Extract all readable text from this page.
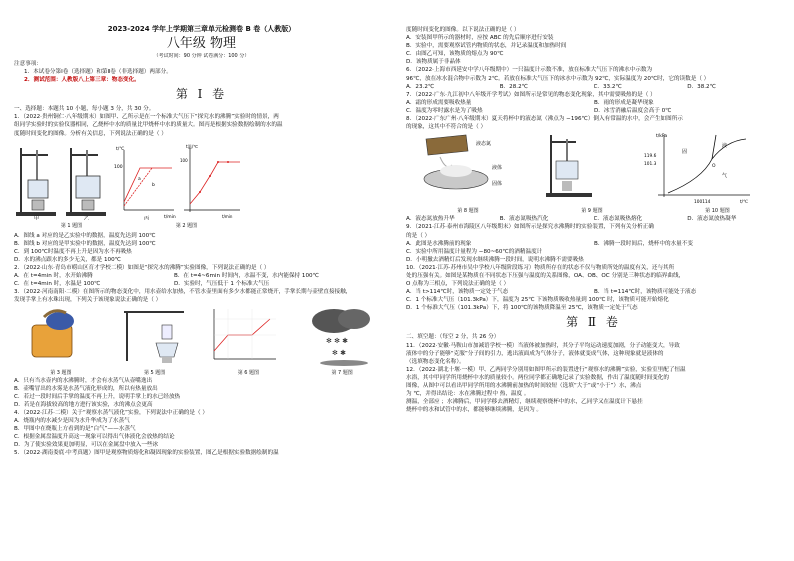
2023-2024 学年上学期第三章单元检测卷 B 卷（人教版）

八年级 物理

（考试时间：90 分钟 试卷满分：100 分）

注意事项：

1．本试卷分第Ⅰ卷（选择题）和第Ⅱ卷（非选择题）两部分。

2．测试范围：人教版八上第三章：物态变化。

第 Ⅰ 卷

一、选择题：本题共 10 小题，每小题 3 分，共 30 分。

1．（2022·贵州铜仁·八年级期末）如图甲、乙所示是在一个标准大气压下“探究水的沸腾”实验时的情景，两

组同学实验时的实验仪器相同，乙烧杯中水的质量比甲烧杯中水的质量大。图丙是根据实验数据绘制的水的温

度随时间变化的图像。分析有关信息，下列说法正确的是（ ）

甲	乙
t/℃
100
a
b
t/min
丙
t温/℃
100
t/min
第 1 题图	第 2 题图

A．图线 a 对应的是乙实验中的数据，温度先达到 100℃

B．图线 b 对应的是甲实验中的数据，温度先达到 100℃

C．到 100℃时温度不再上升是因为水不再吸热

D．水的沸点跟水的多少无关，都是 100℃

2．（2022·山东·青岛市崂山区育才学校二模）如图是“探究水的沸腾”实验图像，下列说法正确的是（ ）

A．在 t=4min 时，水开始沸腾	B．在 t=4~6min 时间内，水温不变，水内能保持 100℃

C．在 t=4min 时，水温是 100℃	D．实验时，气压低于 1 个标准大气压

3．（2022·河南南阳·二模）在图所示的物态变化中，用水壶给水加热，不管水壶里面有多少水都能正常烧开，手掌长期与壶壁直接接触，

发现手掌上有水珠出现，下列关于该现象说法正确的是（ ）

✻ ✻ ✱
✻ ✱
第 3 题图	第 5 题图	第 6 题图	第 7 题图

A．只有当水壶内的水沸腾时，才会有水蒸气从壶嘴逸出

B．壶嘴冒出的水雾是水蒸气液化形成的，所以有热量放出

C．若过一段时间后手掌的温度不再上升，说明手掌上的水已经放热

D．若是在海拔较高的地方进行该实验，水的沸点会更高

4．（2022·江苏·二模）关于“观察水蒸气液化”实验，下列说法中正确的是（ ）

A．烧瓶内的水减少是因为水升华成为了水蒸气

B．甲图中在烧瓶上方看到的是“白气”——水蒸气

C．根据金属盘温度升高这一现象可以得出气体液化会放热的结论

D．为了使实验效果更加明显，可以在金属盘中放入一些冰

5．（2022·湖南娄底·中考真题）图甲是观察物质熔化和凝固现象的实验装置，图乙是根据实验数据绘制的温

度随时间变化的图像。以下说法正确的是（ ）

A．安装图甲所示的器材时，应按 ABC 的先后顺序进行安装

B．实验中，需要观察试管内物质的状态，并记录温度和加热时间

C．由图乙可知，该物质的熔点为 90℃

D．该物质属于非晶体

6．（2022·上海市西延安中学八年级期中）一只温度计示数不准，放在标准大气压下的沸水中示数为

96℃，放在冰水混合物中示数为 2℃。若放在标准大气压下的冰水中示数为 92℃，实际温度为 20℃时，它的读数是（ ）

A．23.2℃	B．28.2℃	C．33.2℃	D．38.2℃

7．（2022·广东·九江初中八年级开学考试）如图所示是常见的物态变化现象，其中需要吸热的是（ ）

A．霜的形成需要吸收热量	B．雨的形成是凝华现象

C．温度为零时露水是为了吸热	D．冰雪消融后温度会高于 0℃

8．（2022·广东广州·八年级期末）夏天将杯中的液态氮（沸点为 −196℃）倒入有常温的水中，会产生如图所示

的现象，这其中不符合的是（ ）

液态氮
液体
固体
t/kPa
119.6
101.3
固
液
气
O
100114	t/℃
第 8 题图	第 9 题图	第 10 题图

A．液态氮放热升华	B．液态氮吸热汽化	C．液态氮吸热熔化	D．液态氮放热凝华

9．（2021·江苏·泰州市海陵区八年级期末）如图所示是探究水沸腾时的实验装置，下列有关分析正确

的是（ ）

A．此图是水沸腾前的现象	B．沸腾一段时间后，烧杯中的水量不变

C．实验中所用温度计量程为 −80~60℃的酒精温度计

D．小明撤去酒精灯后发现水继续沸腾一段时间，说明水沸腾不需要吸热

10．（2021·江苏·苏州市吴中学校八年级阶段练习）物质所存在的状态不仅与物质所处的温度有关，还与其所

处的压强有关。如图是某物质在不同状态下压强与温度的关系图像，OA、OB、OC 分别是三种状态的临界曲线，

O 点称为三相点，下列说法正确的是（ ）

A．当 t>114℃时，该物质一定处于气态	B．当 t=114℃时，该物质可能处于液态

C．1 个标准大气压（101.3kPa）下，温度为 25℃ 下该物质吸收热量到 100℃ 时，该物质可能开始熔化

D．1 个标准大气压（101.3kPa）下，将 100℃的该物质降温至 25℃，该物质一定处于气态

第 Ⅱ 卷

二、填空题：（每空 2 分，共 26 分）

11．（2022·安徽·马鞍山市加减语学校一模）当液体被加热时，其分子平均运动速度加剧，分子动能变大，导致

液体中的分子能够“克服”分子间的引力，逃出液面成为气体分子，液体就变成气体，这种现象就是液体的

（选填物态变化名称）。

12．（2022·湖北十堰·一模）甲、乙两同学分别用如图甲所示的装置进行“观察水的沸腾”实验，实验室里配了恒温

水浴，其中甲同学所用烧杯中水的质量较小。两位同学都正确地记录了实验数据，作出了温度随时间变化的

图像，从图中可以看出甲同学所用的水沸腾前加热的时间较短（选填“大于”或“小于”）水，沸点

为 ℃，并得出结论：水在沸腾过程中 热，温度 。

测温，全部应 ；水沸腾后，甲同学移去酒精灯，继续观察烧杯中的水，乙同学又在温度计下悬挂

烧杯中的水和试管中的水，都能够继续沸腾，是因为 。
